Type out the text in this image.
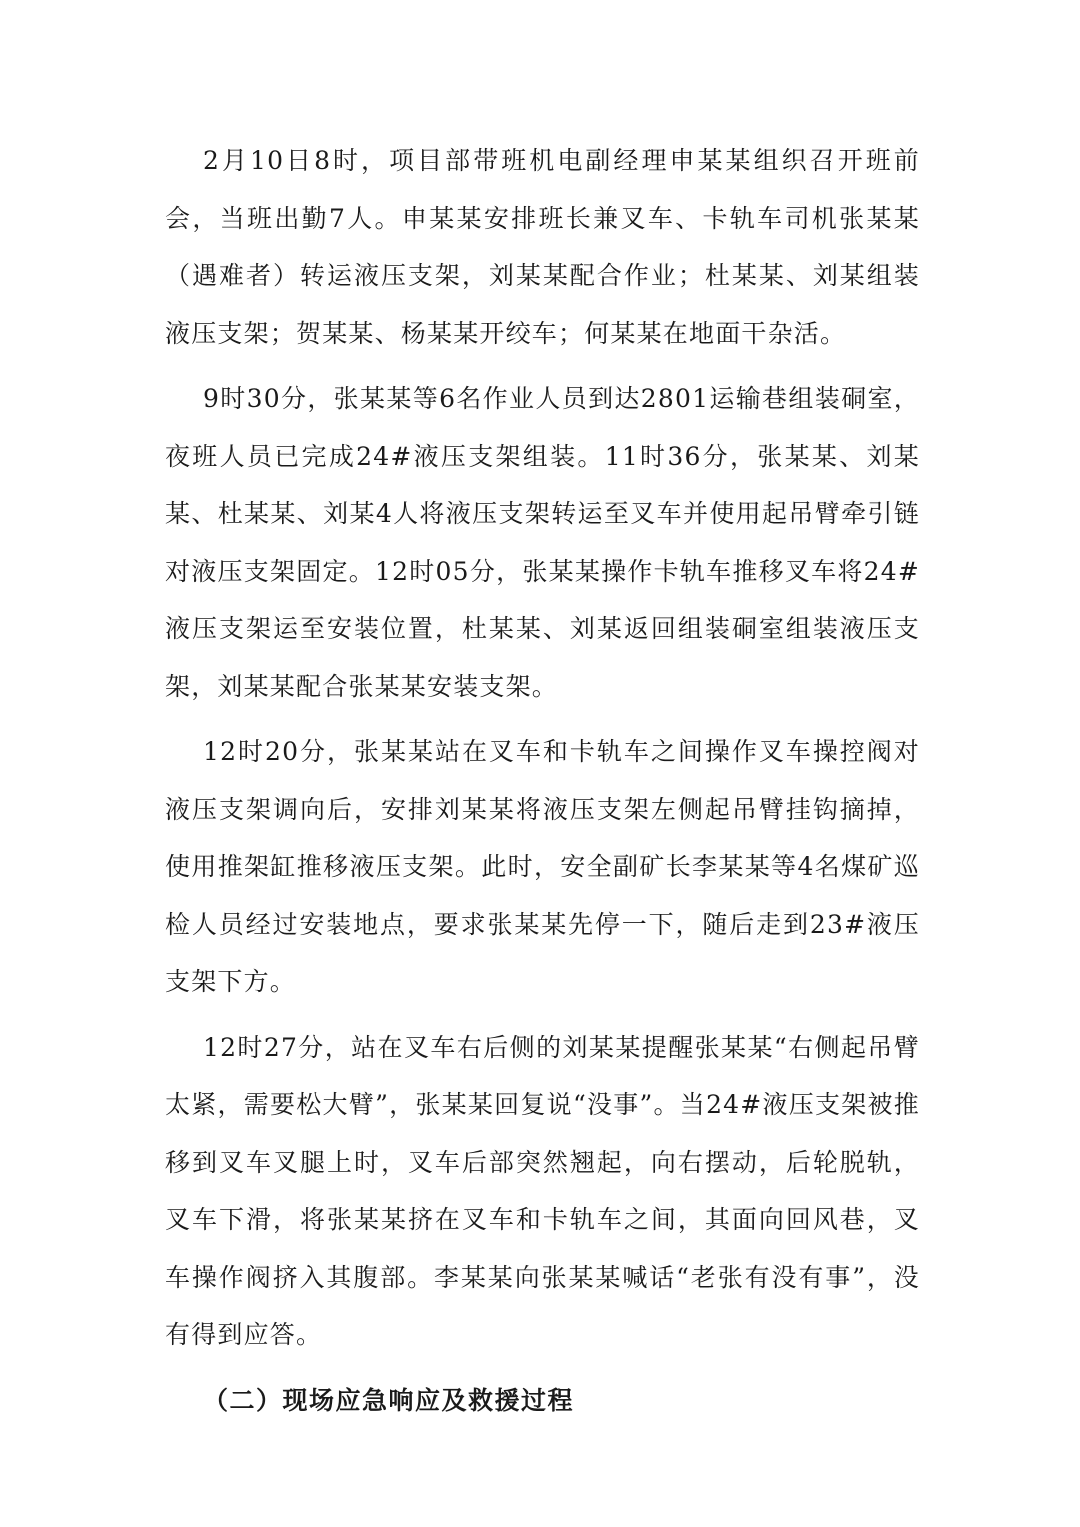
2月10日8时，项目部带班机电副经理申某某组织召开班前会，当班出勤7人。申某某安排班长兼叉车、卡轨车司机张某某（遇难者）转运液压支架，刘某某配合作业；杜某某、刘某组装液压支架；贺某某、杨某某开绞车；何某某在地面干杂活。

9时30分，张某某等6名作业人员到达2801运输巷组装硐室，夜班人员已完成24#液压支架组装。11时36分，张某某、刘某某、杜某某、刘某4人将液压支架转运至叉车并使用起吊臂牵引链对液压支架固定。12时05分，张某某操作卡轨车推移叉车将24#液压支架运至安装位置，杜某某、刘某返回组装硐室组装液压支架，刘某某配合张某某安装支架。

12时20分，张某某站在叉车和卡轨车之间操作叉车操控阀对液压支架调向后，安排刘某某将液压支架左侧起吊臂挂钩摘掉，使用推架缸推移液压支架。此时，安全副矿长李某某等4名煤矿巡检人员经过安装地点，要求张某某先停一下，随后走到23#液压支架下方。

12时27分，站在叉车右后侧的刘某某提醒张某某“右侧起吊臂太紧，需要松大臂”，张某某回复说“没事”。当24#液压支架被推移到叉车叉腿上时，叉车后部突然翘起，向右摆动，后轮脱轨，叉车下滑，将张某某挤在叉车和卡轨车之间，其面向回风巷，叉车操作阀挤入其腹部。李某某向张某某喊话“老张有没有事”，没有得到应答。

（二）现场应急响应及救援过程
